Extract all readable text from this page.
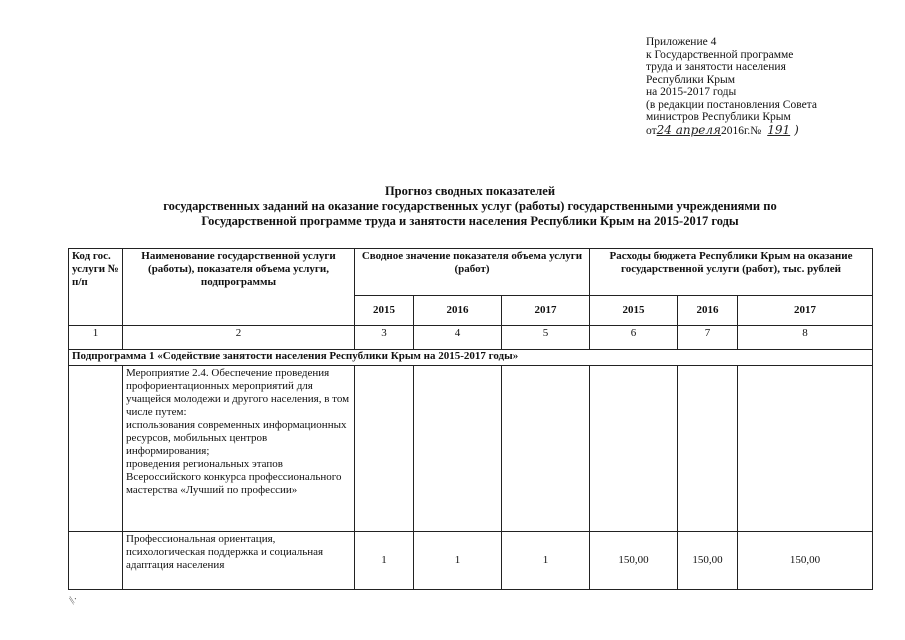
Приложение 4
к Государственной программе
труда и занятости населения
Республики Крым
на 2015-2017 годы
(в редакции постановления Совета
министров Республики Крым
от24 апреля2016г.№ 191 )
Прогноз сводных показателей
государственных заданий на оказание государственных услуг (работы) государственными учреждениями по
Государственной программе труда и занятости населения Республики Крым на 2015-2017 годы
Код гос. услуги № п/п	Наименование государственной услуги (работы), показателя объема услуги, подпрограммы	Сводное значение показателя объема услуги (работ)			Расходы бюджета Республики Крым на оказание государственной услуги (работ), тыс. рублей		
		2015	2016	2017	2015	2016	2017
1	2	3	4	5	6	7	8
Подпрограмма 1 «Содействие занятости населения Республики Крым на 2015-2017 годы»							
	Мероприятие 2.4. Обеспечение проведения профориентационных мероприятий для учащейся молодежи и другого населения, в том числе путем:
использования современных информационных ресурсов, мобильных центров информирования;
проведения региональных этапов Всероссийского конкурса профессионального мастерства «Лучший по профессии»						
	Профессиональная ориентация, психологическая поддержка и социальная адаптация населения	1	1	1	150,00	150,00	150,00
⁄⁄.
